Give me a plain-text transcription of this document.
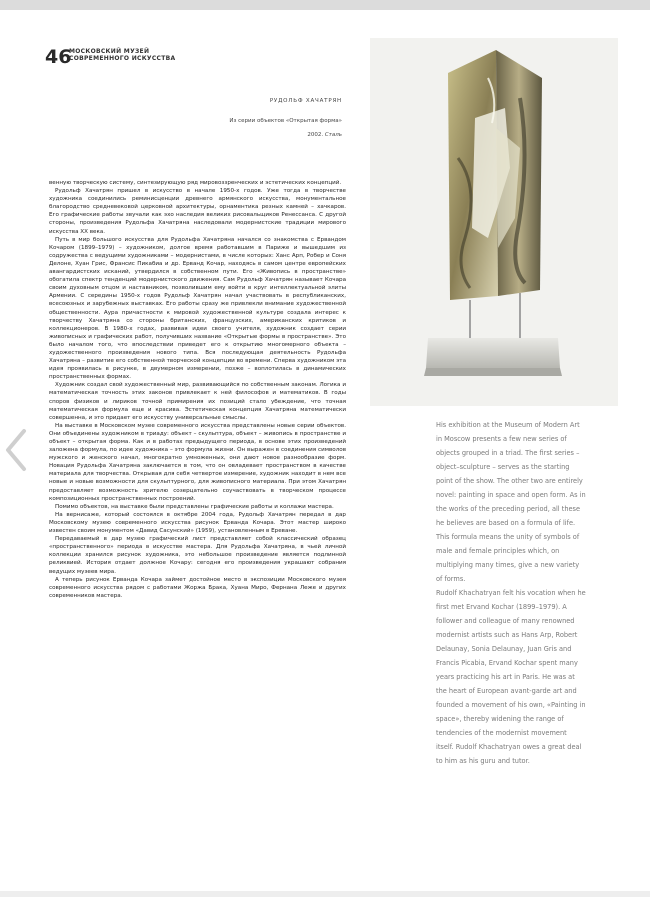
46
МОСКОВСКИЙ МУЗЕЙ
СОВРЕМЕННОГО ИСКУССТВА
РУДОЛЬФ ХАЧАТРЯН
Из серии объектов «Открытая форма»
2002. Сталь

венную творческую систему, синтезирующую ряд мировоззренческих и эстетических концепций.

Рудольф Хачатрян пришел в искусство в начале 1950-х годов. Уже тогда в творчестве художника соединились реминисценции древнего армянского искусства, монументальное благородство средневековой церковной архитектуры, орнаментика резных камней – хачкаров. Его графические работы звучали как эхо наследия великих рисовальщиков Ренессанса. С другой стороны, произведения Рудольфа Хачатряна наследовали модернистские традиции мирового искусства XX века.

Путь в мир большого искусства для Рудольфа Хачатряна начался со знакомства с Ервандом Кочаром (1899–1979) – художником, долгое время работавшим в Париже и вышедшим из содружества с ведущими художниками – модернистами, в числе которых: Ханс Арп, Робер и Соня Делоне, Хуан Грис, Франсис Пикабиа и др. Ерванд Кочар, находясь в самом центре европейских авангардистских исканий, утвердился в собственном пути. Его «Живопись в пространстве» обогатила спектр тенденций модернистского движения. Сам Рудольф Хачатрян называет Кочара своим духовным отцом и наставником, позволившим ему войти в круг интеллектуальной элиты Армении. С середины 1950-х годов Рудольф Хачатрян начал участвовать в республиканских, всесоюзных и зарубежных выставках. Его работы сразу же привлекли внимание художественной общественности. Аура причастности к мировой художественной культуре создала интерес к творчеству Хачатряна со стороны британских, французских, американских критиков и коллекционеров. В 1980-х годах, развивая идеи своего учителя, художник создает серии живописных и графических работ, получивших название «Открытые формы в пространстве». Это было началом того, что впоследствии приведет его к открытию многомерного объекта – художественного произведения нового типа. Вся последующая деятельность Рудольфа Хачатряна – развитие его собственной творческой концепции во времени. Сперва художником эта идея проявилась в рисунке, в двумерном измерении, позже – воплотилась в динамических пространственных формах.

Художник создал свой художественный мир, развивающийся по собственным законам. Логика и математическая точность этих законов привлекает к ней философов и математиков. В годы споров физиков и лириков точной примирения их позиций стало убеждение, что точная математическая формула еще и красива. Эстетическая концепция Хачатряна математически совершенна, и это придает его искусству универсальные смыслы.

На выставке в Московском музее современного искусства представлены новые серии объектов. Они объединены художником в триаду: объект – скульптура, объект – живопись в пространстве и объект – открытая форма. Как и в работах предыдущего периода, в основе этих произведений заложена формула, по идее художника – это формула жизни. Он выражен в соединения символов мужского и женского начал, многократно умноженных, они дают новое разнообразие форм. Новация Рудольфа Хачатряна заключается в том, что он овладевает пространством в качестве материала для творчества. Открывая для себя четвертое измерение, художник находит в нем все новые и новые возможности для скульптурного, для живописного материала. При этом Хачатрян предоставляет возможность зрителю созерцательно соучаствовать в творческом процессе композиционных пространственных построений.

Помимо объектов, на выставке были представлены графические работы и коллажи мастера.

На вернисаже, который состоялся в октябре 2004 года, Рудольф Хачатрян передал в дар Московскому музею современного искусства рисунок Ерванда Кочара. Этот мастер широко известен своим монументом «Давид Сасунский» (1959), установленным в Ереване.

Передаваемый в дар музею графический лист представляет собой классический образец «пространственного» периода в искусстве мастера. Для Рудольфа Хачатряна, в чьей личной коллекции хранился рисунок художника, это небольшое произведение является подлинной реликвией. История отдает должное Кочару: сегодня его произведения украшают собрания ведущих музеев мира.

А теперь рисунок Ерванда Кочара займет достойное место в экспозиции Московского музея современного искусства рядом с работами Жоржа Брака, Хуана Миро, Фернана Леже и других современников мастера.

His exhibition at the Museum of Modern Art in Moscow presents a few new series of objects grouped in a triad. The first series – object–sculpture – serves as the starting point of the show. The other two are entirely novel: painting in space and open form. As in the works of the preceding period, all these he believes are based on a formula of life. This formula means the unity of symbols of male and female principles which, on multiplying many times, give a new variety of forms.

Rudolf Khachatryan felt his vocation when he first met Ervand Kochar (1899–1979). A follower and colleague of many renowned modernist artists such as Hans Arp, Robert Delaunay, Sonia Delaunay, Juan Gris and Francis Picabia, Ervand Kochar spent many years practicing his art in Paris. He was at the heart of European avant-garde art and founded a movement of his own, «Painting in space», thereby widening the range of tendencies of the modernist movement itself. Rudolf Khachatryan owes a great deal to him as his guru and tutor.
